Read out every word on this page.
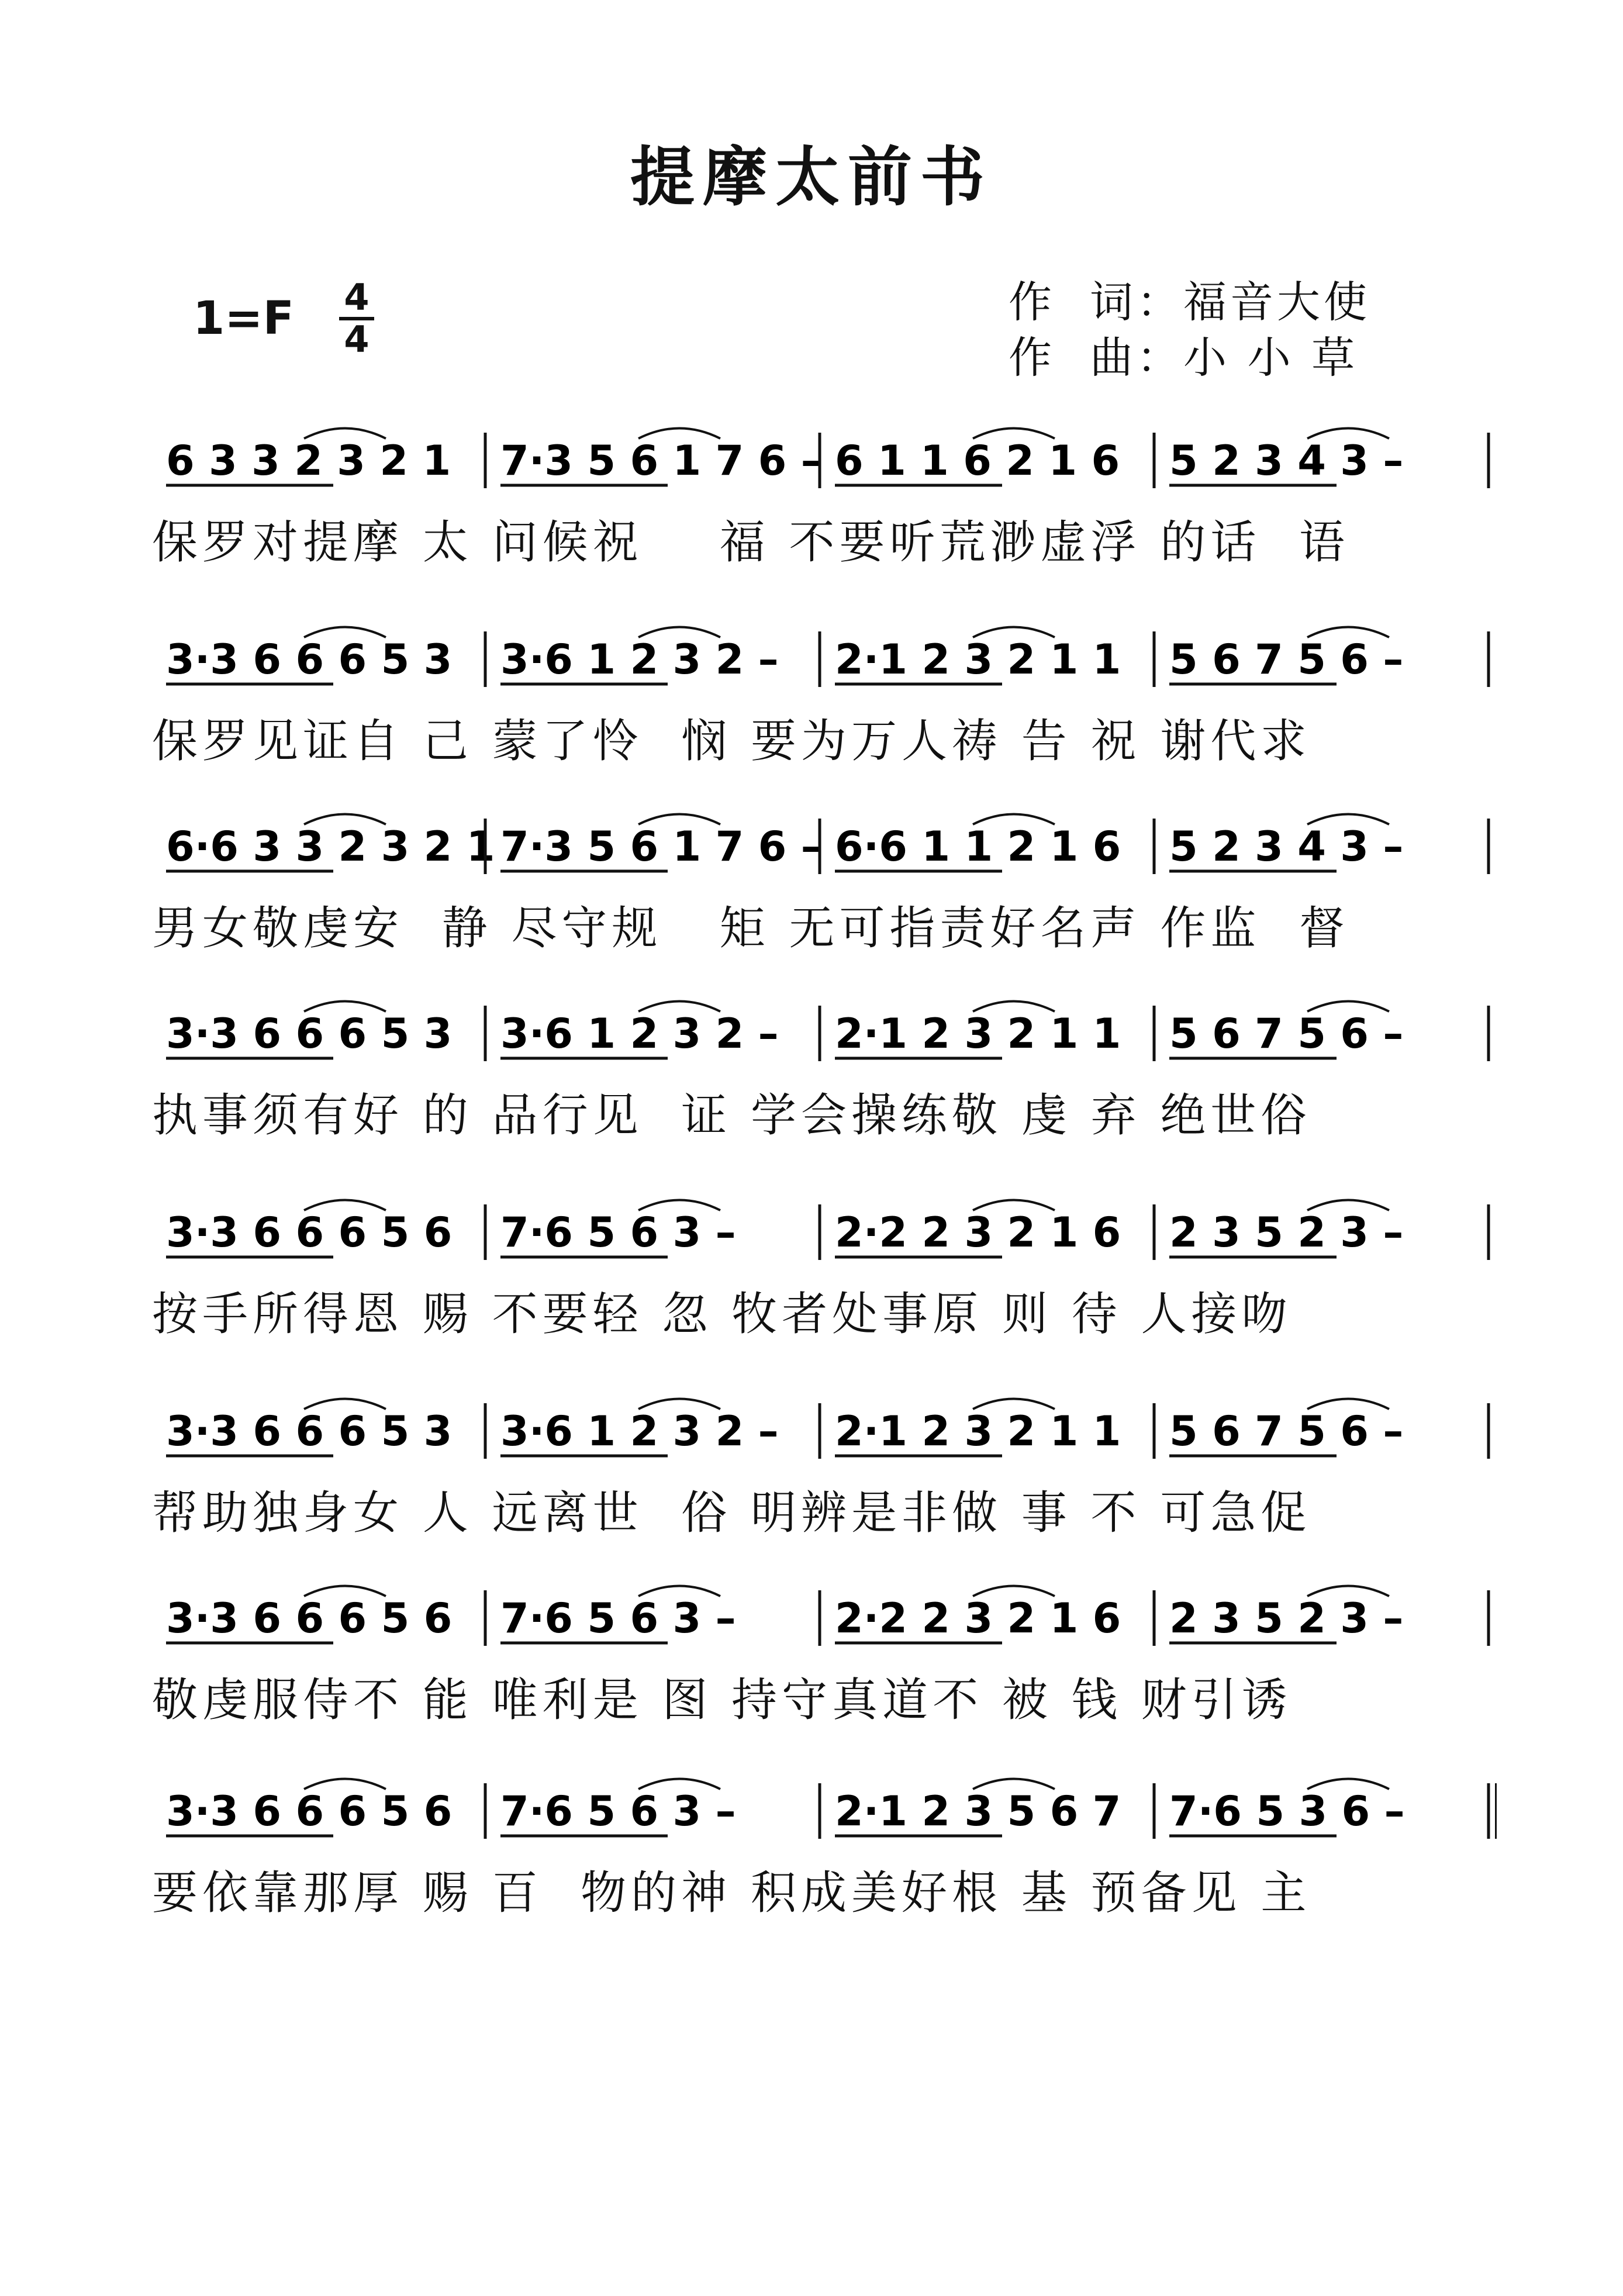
提摩太前书
1=F 4
4
作  词：福音大使
作  曲：小 小 草
6 3 3 2 3 2 1 7·3 5 6 1 7 6 – 6 1 1 6 2 1 6 5 2 3 4 3 –
保罗对提摩 太 问候祝    福 不要听荒渺虚浮 的话  语
3·3 6 6 6 5 3 3·6 1 2 3 2 – 2·1 2 3 2 1 1 5 6 7 5 6 –
保罗见证自 己 蒙了怜  悯 要为万人祷 告 祝 谢代求
6·6 3 3 2 3 2 1 7·3 5 6 1 7 6 – 6·6 1 1 2 1 6 5 2 3 4 3 –
男女敬虔安  静 尽守规   矩 无可指责好名声 作监  督
3·3 6 6 6 5 3 3·6 1 2 3 2 – 2·1 2 3 2 1 1 5 6 7 5 6 –
执事须有好 的 品行见  证 学会操练敬 虔 弃 绝世俗
3·3 6 6 6 5 6 7·6 5 6 3 – 2·2 2 3 2 1 6 2 3 5 2 3 –
按手所得恩 赐 不要轻 忽 牧者处事原 则 待 人接吻
3·3 6 6 6 5 3 3·6 1 2 3 2 – 2·1 2 3 2 1 1 5 6 7 5 6 –
帮助独身女 人 远离世  俗 明辨是非做 事 不 可急促
3·3 6 6 6 5 6 7·6 5 6 3 – 2·2 2 3 2 1 6 2 3 5 2 3 –
敬虔服侍不 能 唯利是 图 持守真道不 被 钱 财引诱
3·3 6 6 6 5 6 7·6 5 6 3 – 2·1 2 3 5 6 7 7·6 5 3 6 –
要依靠那厚 赐 百  物的神 积成美好根 基 预备见 主
